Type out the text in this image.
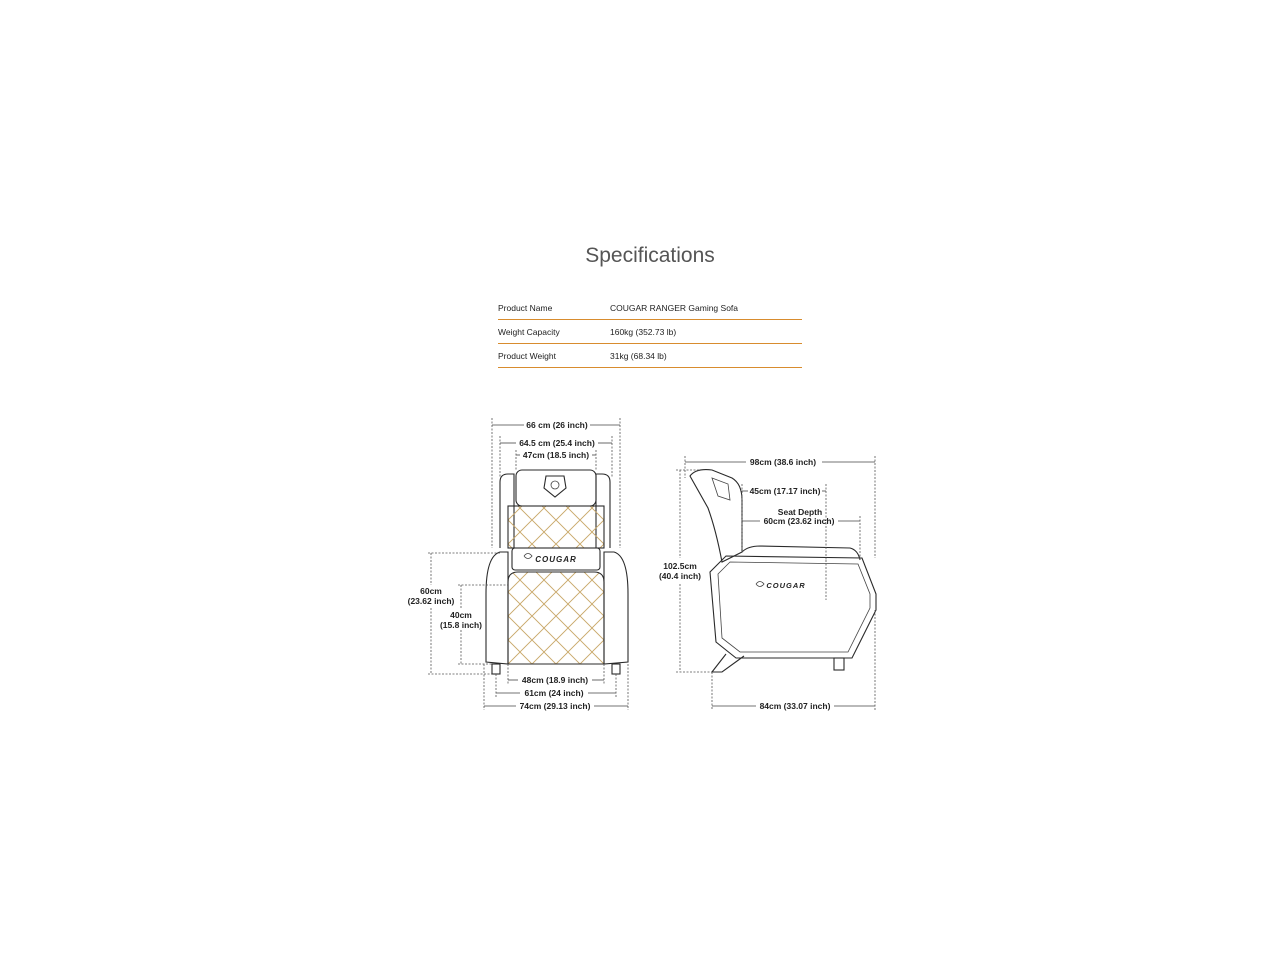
Specifications
Product Name	COUGAR RANGER Gaming Sofa
Weight Capacity	160kg (352.73 lb)
Product Weight	31kg (68.34 lb)
COUGAR
66 cm (26 inch)
64.5 cm (25.4 inch)
47cm (18.5 inch)
60cm
(23.62 inch)
40cm
(15.8 inch)
48cm (18.9 inch)
61cm (24 inch)
74cm (29.13 inch)
COUGAR
98cm (38.6 inch)
45cm (17.17 inch)
Seat Depth
60cm (23.62 inch)
102.5cm
(40.4 inch)
84cm (33.07 inch)
